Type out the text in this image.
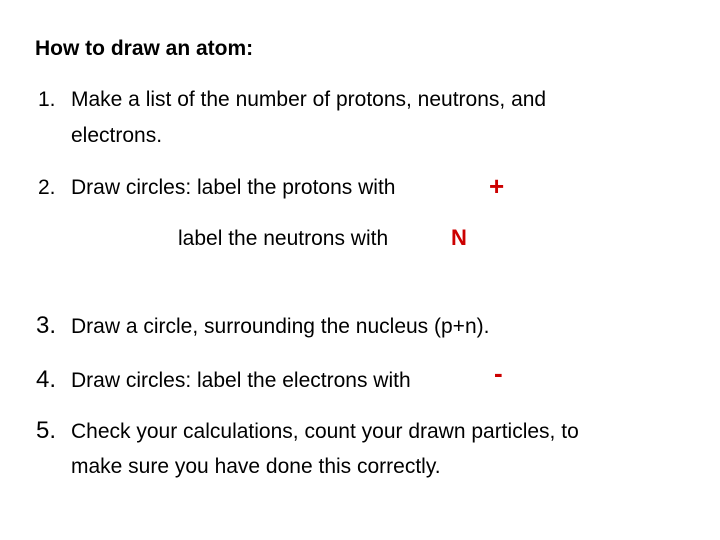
How to draw an atom:
1. Make a list of the number of protons, neutrons, and
electrons.
2. Draw circles: label the protons with	+
label the neutrons with	N
3. Draw a circle, surrounding the nucleus (p+n).
4. Draw circles: label the electrons with	-
5. Check your calculations, count your drawn particles, to
make sure you have done this correctly.
